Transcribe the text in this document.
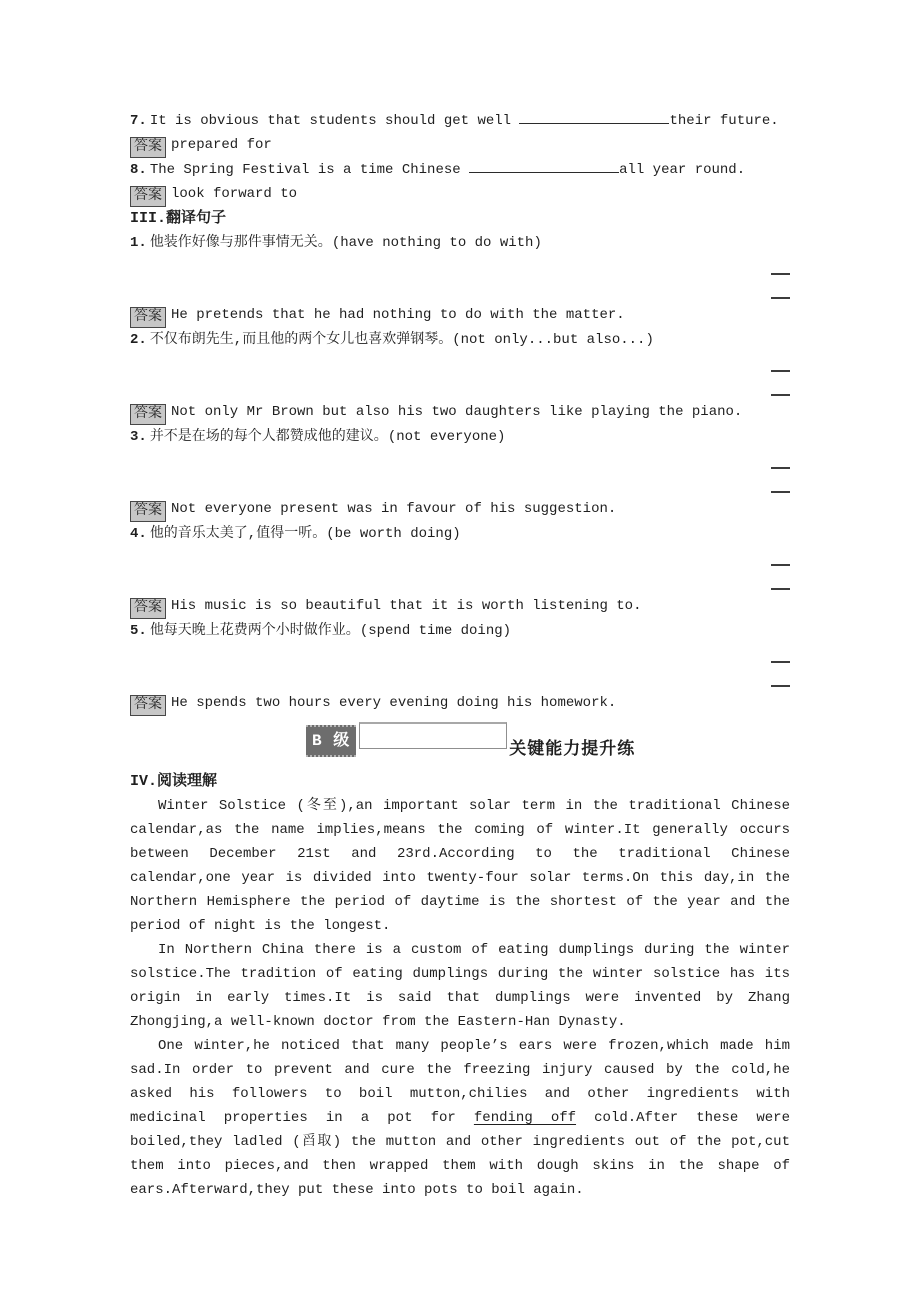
7. It is obvious that students should get well	their future.
答案 prepared for
8. The Spring Festival is a time Chinese	all year round.
答案 look forward to
III.翻译句子
1. 他装作好像与那件事情无关。(have nothing to do with)
答案 He pretends that he had nothing to do with the matter.
2. 不仅布朗先生,而且他的两个女儿也喜欢弹钢琴。(not only...but also...)
答案 Not only Mr Brown but also his two daughters like playing the piano.
3. 并不是在场的每个人都赞成他的建议。(not everyone)
答案 Not everyone present was in favour of his suggestion.
4. 他的音乐太美了,值得一听。(be worth doing)
答案 His music is so beautiful that it is worth listening to.
5. 他每天晚上花费两个小时做作业。(spend time doing)
答案 He spends two hours every evening doing his homework.
B 级	关键能力提升练
IV.阅读理解

Winter Solstice (冬至),an important solar term in the traditional Chinese calendar,as the name implies,means the coming of winter.It generally occurs between December 21st and 23rd.According to the traditional Chinese calendar,one year is divided into twenty-four solar terms.On this day,in the Northern Hemisphere the period of daytime is the shortest of the year and the period of night is the longest.

In Northern China there is a custom of eating dumplings during the winter solstice.The tradition of eating dumplings during the winter solstice has its origin in early times.It is said that dumplings were invented by Zhang Zhongjing,a well-known doctor from the Eastern-Han Dynasty.

One winter,he noticed that many people’s ears were frozen,which made him sad.In order to prevent and cure the freezing injury caused by the cold,he asked his followers to boil mutton,chilies and other ingredients with medicinal properties in a pot for fending off cold.After these were boiled,they ladled (舀取) the mutton and other ingredients out of the pot,cut them into pieces,and then wrapped them with dough skins in the shape of ears.Afterward,they put these into pots to boil again.
